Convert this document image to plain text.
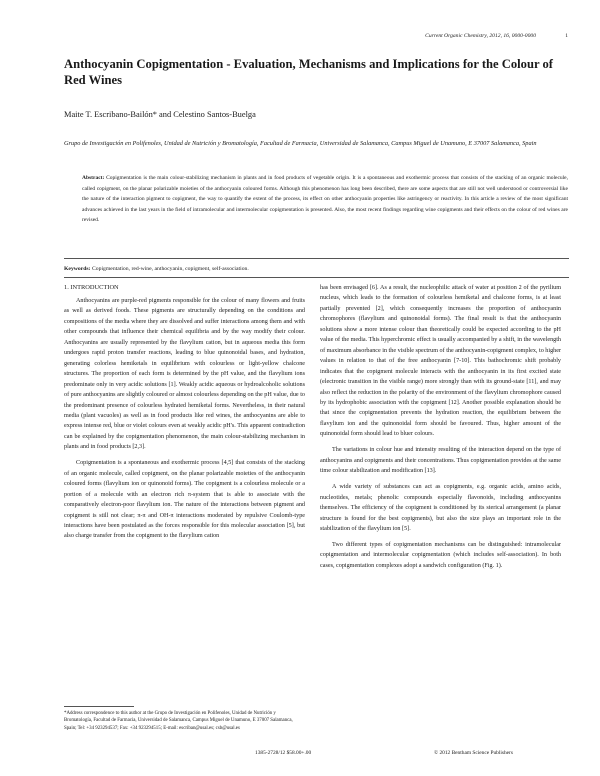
Current Organic Chemistry, 2012, 16, 0000-0000	1
Anthocyanin Copigmentation - Evaluation, Mechanisms and Implications for the Colour of Red Wines
Maite T. Escribano-Bailón* and Celestino Santos-Buelga
Grupo de Investigación en Polifenoles, Unidad de Nutrición y Bromatología, Facultad de Farmacia, Universidad de Salamanca, Campus Miguel de Unamuno, E 37007 Salamanca, Spain
Abstract: Copigmentation is the main colour-stabilizing mechanism in plants and in food products of vegetable origin. It is a spontaneous and exothermic process that consists of the stacking of an organic molecule, called copigment, on the planar polarizable moieties of the anthocyanin coloured forms. Although this phenomenon has long been described, there are some aspects that are still not well understood or controversial like the nature of the interaction pigment to copigment, the way to quantify the extent of the process, its effect on other anthocyanin properties like astringency or reactivity. In this article a review of the most significant advances achieved in the last years in the field of intramolecular and intermolecular copigmentation is presented. Also, the most recent findings regarding wine copigments and their effects on the colour of red wines are revised.
Keywords: Copigmentation, red-wine, anthocyanin, copigment, self-association.
1. INTRODUCTION

Anthocyanins are purple-red pigments responsible for the colour of many flowers and fruits as well as derived foods. These pigments are structurally depending on the conditions and compositions of the media where they are dissolved and suffer interactions among them and with other compounds that influence their chemical equilibria and by the way modify their colour. Anthocyanins are usually represented by the flavylium cation, but in aqueous media this form undergoes rapid proton transfer reactions, leading to blue quinonoidal bases, and hydration, generating colorless hemiketals in equilibrium with colourless or light-yellow chalcone structures. The proportion of each form is determined by the pH value, and the flavylium ions predominate only in very acidic solutions [1]. Weakly acidic aqueous or hydroalcoholic solutions of pure anthocyanins are slightly coloured or almost colourless depending on the pH value, due to the predominant presence of colourless hydrated hemiketal forms. Nevertheless, in their natural media (plant vacuoles) as well as in food products like red wines, the anthocyanins are able to express intense red, blue or violet colours even at weakly acidic pH's. This apparent contradiction can be explained by the copigmentation phenomenon, the main colour-stabilizing mechanism in plants and in food products [2,3].

Copigmentation is a spontaneous and exothermic process [4,5] that consists of the stacking of an organic molecule, called copigment, on the planar polarizable moieties of the anthocyanin coloured forms (flavylium ion or quinonoid forms). The copigment is a colourless molecule or a portion of a molecule with an electron rich π-system that is able to associate with the comparatively electron-poor flavylium ion. The nature of the interactions between pigment and copigment is still not clear; π-π and OH-π interactions moderated by repulsive Coulomb-type interactions have been postulated as the forces responsible for this molecular association [5], but also charge transfer from the copigment to the flavylium cation

has been envisaged [6]. As a result, the nucleophilic attack of water at position 2 of the pyrilium nucleus, which leads to the formation of colourless hemiketal and chalcone forms, is at least partially prevented [2], which consequently increases the proportion of anthocyanin chromophores (flavylium and quinonoidal forms). The final result is that the anthocyanin solutions show a more intense colour than theoretically could be expected according to the pH value of the media. This hyperchromic effect is usually accompanied by a shift, in the wavelength of maximum absorbance in the visible spectrum of the anthocyanin-copigment complex, to higher values in relation to that of the free anthocyanin [7-10]. This bathochromic shift probably indicates that the copigment molecule interacts with the anthocyanin in its first excited state (electronic transition in the visible range) more strongly than with its ground-state [11], and may also reflect the reduction in the polarity of the environment of the flavylium chromophore caused by its hydrophobic association with the copigment [12]. Another possible explanation should be that since the copigmentation prevents the hydration reaction, the equilibrium between the flavylium ion and the quinonoidal form should be favoured. Thus, higher amount of the quinonoidal form should lead to bluer colours.

The variations in colour hue and intensity resulting of the interaction depend on the type of anthocyanins and copigments and their concentrations. Thus copigmentation provides at the same time colour stabilization and modification [13].

A wide variety of substances can act as copigments, e.g. organic acids, amino acids, nucleotides, metals; phenolic compounds especially flavonoids, including anthocyanins themselves. The efficiency of the copigment is conditioned by its sterical arrangement (a planar structure is found for the best copigments), but also the size plays an important role in the stabilization of the flavylium ion [5].

Two different types of copigmentation mechanisms can be distinguished: intramolecular copigmentation and intermolecular copigmentation (which includes self-association). In both cases, copigmentation complexes adopt a sandwich configuration (Fig. 1).

*Address correspondence to this author at the Grupo de Investigación en Polifenoles, Unidad de Nutrición y Bromatología, Facultad de Farmacia, Universidad de Salamanca, Campus Miguel de Unamuno, E 37007 Salamanca, Spain; Tel: +34 923294537; Fax: +34 923294515; E-mail: escriban@usal.es; csb@usal.es
1385-2728/12 $58.00+.00	© 2012 Bentham Science Publishers
